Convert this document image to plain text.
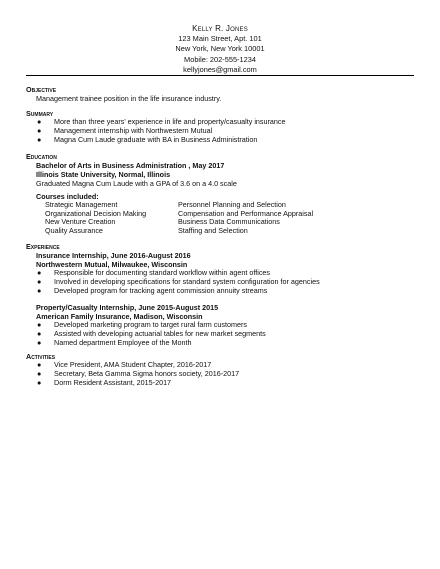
Kelly R. Jones
123 Main Street, Apt. 101
New York, New York 10001
Mobile: 202-555-1234
kellyjones@gmail.com
Objective
Management trainee position in the life insurance industry.
Summary
● More than three years' experience in life and property/casualty insurance
● Management internship with Northwestern Mutual
● Magna Cum Laude graduate with BA in Business Administration
Education
Bachelor of Arts in Business Administration , May 2017
Illinois State University, Normal, Illinois
Graduated Magna Cum Laude with a GPA of 3.6 on a 4.0 scale
Courses included:
Strategic Management	Personnel Planning and Selection
Organizational Decision Making	Compensation and Performance Appraisal
New Venture Creation	Business Data Communications
Quality Assurance	Staffing and Selection
Experience
Insurance Internship, June 2016-August 2016
Northwestern Mutual, Milwaukee, Wisconsin
● Responsible for documenting standard workflow within agent offices
● Involved in developing specifications for standard system configuration for agencies
● Developed program for tracking agent commission annuity streams
Property/Casualty Internship, June 2015-August 2015
American Family Insurance, Madison, Wisconsin
● Developed marketing program to target rural farm customers
● Assisted with developing actuarial tables for new market segments
● Named department Employee of the Month
Activities
● Vice President, AMA Student Chapter, 2016-2017
● Secretary, Beta Gamma Sigma honors society, 2016-2017
● Dorm Resident Assistant, 2015-2017
